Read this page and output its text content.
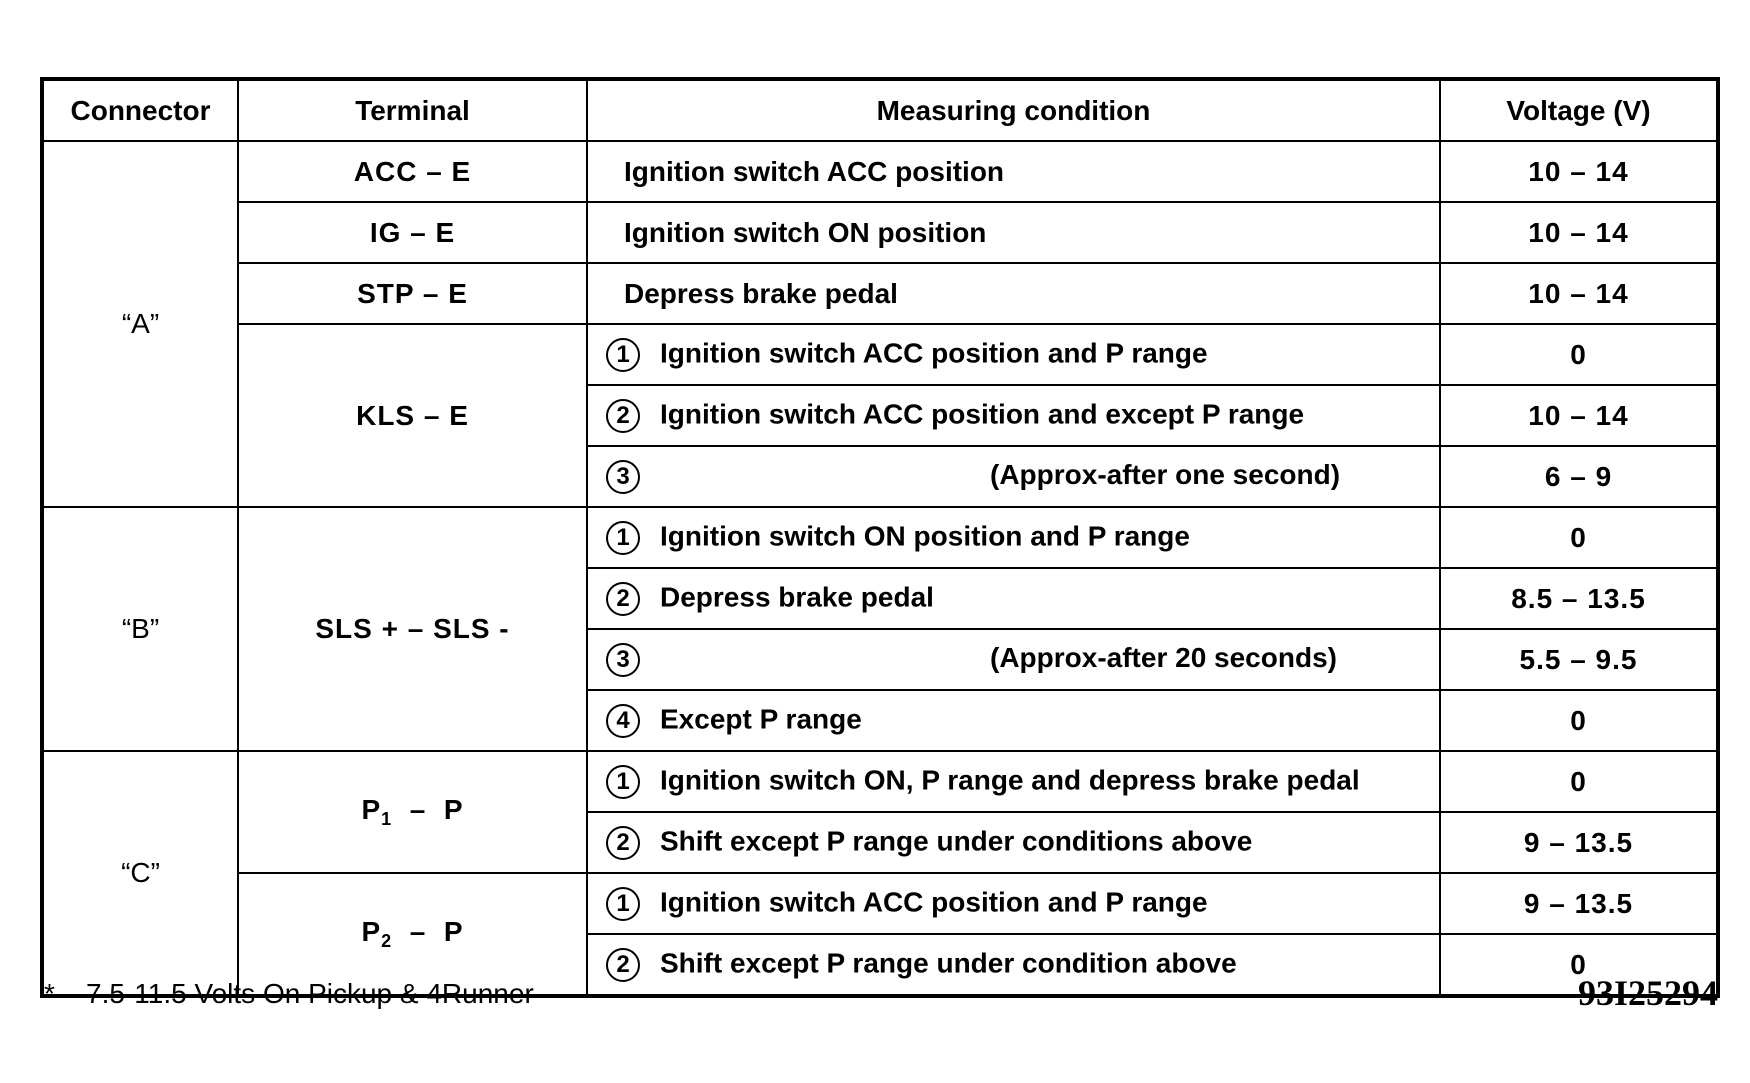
Connector	Terminal	Measuring condition	Voltage (V)
“A”	ACC – E	Ignition switch ACC position	10 – 14
	IG – E	Ignition switch ON position	10 – 14
	STP – E	Depress brake pedal	10 – 14
	KLS – E	1 Ignition switch ACC position and P range	0
		2 Ignition switch ACC position and except P range	10 – 14
		3 (Approx-after one second)	6 – 9
“B”	SLS + – SLS -	1 Ignition switch ON position and P range	0
		2 Depress brake pedal	8.5 – 13.5
		3 (Approx-after 20 seconds)	5.5 – 9.5
		4 Except P range	0
“C”	$P_1$  –  P	1 Ignition switch ON, P range and depress brake pedal	0
		2 Shift except P range under conditions above	9 – 13.5
	$P_2$  –  P	1 Ignition switch ACC position and P range	9 – 13.5
		2 Shift except P range under condition above	0
* – 7.5-11.5 Volts On Pickup & 4Runner	93I25294
